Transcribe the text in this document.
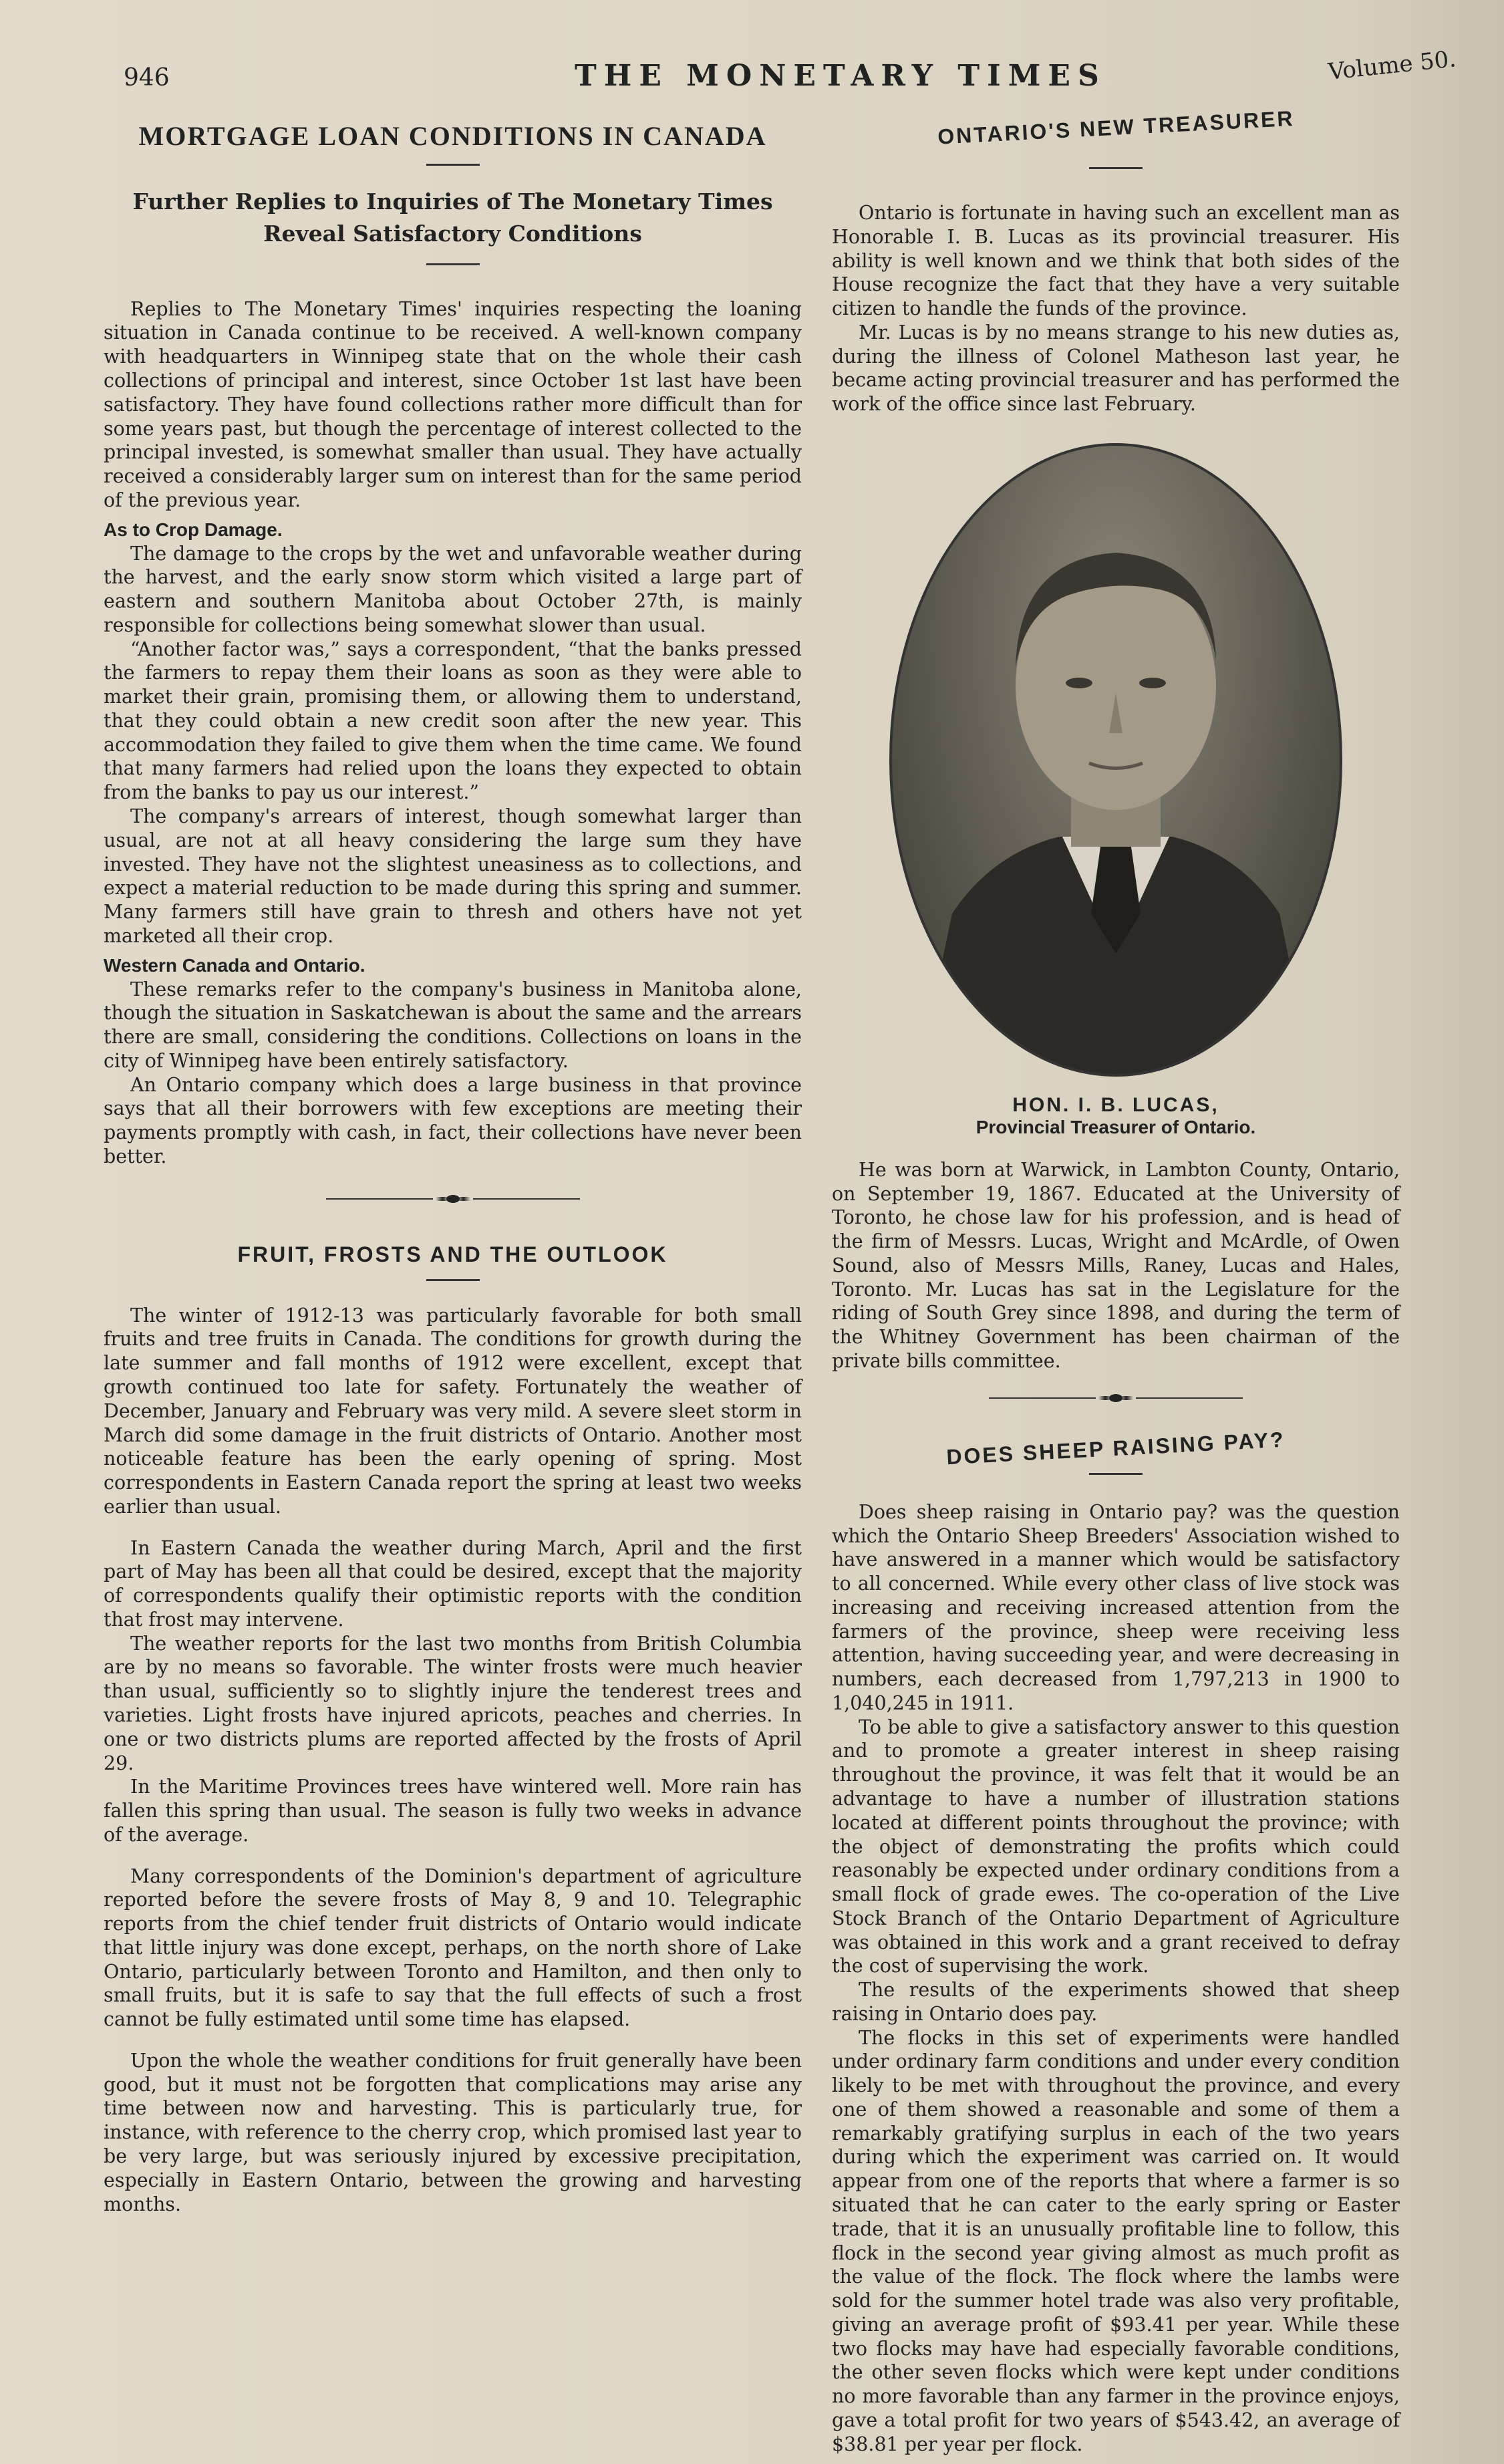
946	THE MONETARY TIMES	Volume 50.
MORTGAGE LOAN CONDITIONS IN CANADA
Further Replies to Inquiries of The Monetary Times Reveal Satisfactory Conditions

Replies to The Monetary Times' inquiries respecting the loaning situation in Canada continue to be received. A well-known company with headquarters in Winnipeg state that on the whole their cash collections of principal and interest, since October 1st last have been satisfactory. They have found collections rather more difficult than for some years past, but though the percentage of interest collected to the principal invested, is somewhat smaller than usual. They have actually received a considerably larger sum on interest than for the same period of the previous year.

As to Crop Damage.

The damage to the crops by the wet and unfavorable weather during the harvest, and the early snow storm which visited a large part of eastern and southern Manitoba about October 27th, is mainly responsible for collections being somewhat slower than usual.

“Another factor was,” says a correspondent, “that the banks pressed the farmers to repay them their loans as soon as they were able to market their grain, promising them, or allowing them to understand, that they could obtain a new credit soon after the new year. This accommodation they failed to give them when the time came. We found that many farmers had relied upon the loans they expected to obtain from the banks to pay us our interest.”

The company's arrears of interest, though somewhat larger than usual, are not at all heavy considering the large sum they have invested. They have not the slightest uneasiness as to collections, and expect a material reduction to be made during this spring and summer. Many farmers still have grain to thresh and others have not yet marketed all their crop.

Western Canada and Ontario.

These remarks refer to the company's business in Manitoba alone, though the situation in Saskatchewan is about the same and the arrears there are small, considering the conditions. Collections on loans in the city of Winnipeg have been entirely satisfactory.

An Ontario company which does a large business in that province says that all their borrowers with few exceptions are meeting their payments promptly with cash, in fact, their collections have never been better.

FRUIT, FROSTS AND THE OUTLOOK

The winter of 1912-13 was particularly favorable for both small fruits and tree fruits in Canada. The conditions for growth during the late summer and fall months of 1912 were excellent, except that growth continued too late for safety. Fortunately the weather of December, January and February was very mild. A severe sleet storm in March did some damage in the fruit districts of Ontario. Another most noticeable feature has been the early opening of spring. Most correspondents in Eastern Canada report the spring at least two weeks earlier than usual.

In Eastern Canada the weather during March, April and the first part of May has been all that could be desired, except that the majority of correspondents qualify their optimistic reports with the condition that frost may intervene.

The weather reports for the last two months from British Columbia are by no means so favorable. The winter frosts were much heavier than usual, sufficiently so to slightly injure the tenderest trees and varieties. Light frosts have injured apricots, peaches and cherries. In one or two districts plums are reported affected by the frosts of April 29.

In the Maritime Provinces trees have wintered well. More rain has fallen this spring than usual. The season is fully two weeks in advance of the average.

Many correspondents of the Dominion's department of agriculture reported before the severe frosts of May 8, 9 and 10. Telegraphic reports from the chief tender fruit districts of Ontario would indicate that little injury was done except, perhaps, on the north shore of Lake Ontario, particularly between Toronto and Hamilton, and then only to small fruits, but it is safe to say that the full effects of such a frost cannot be fully estimated until some time has elapsed.

Upon the whole the weather conditions for fruit generally have been good, but it must not be forgotten that complications may arise any time between now and harvesting. This is particularly true, for instance, with reference to the cherry crop, which promised last year to be very large, but was seriously injured by excessive precipitation, especially in Eastern Ontario, between the growing and harvesting months.

ONTARIO'S NEW TREASURER

Ontario is fortunate in having such an excellent man as Honorable I. B. Lucas as its provincial treasurer. His ability is well known and we think that both sides of the House recognize the fact that they have a very suitable citizen to handle the funds of the province.

Mr. Lucas is by no means strange to his new duties as, during the illness of Colonel Matheson last year, he became acting provincial treasurer and has performed the work of the office since last February.

HON. I. B. LUCAS,
Provincial Treasurer of Ontario.

He was born at Warwick, in Lambton County, Ontario, on September 19, 1867. Educated at the University of Toronto, he chose law for his profession, and is head of the firm of Messrs. Lucas, Wright and McArdle, of Owen Sound, also of Messrs Mills, Raney, Lucas and Hales, Toronto. Mr. Lucas has sat in the Legislature for the riding of South Grey since 1898, and during the term of the Whitney Government has been chairman of the private bills committee.

DOES SHEEP RAISING PAY?

Does sheep raising in Ontario pay? was the question which the Ontario Sheep Breeders' Association wished to have answered in a manner which would be satisfactory to all concerned. While every other class of live stock was increasing and receiving increased attention from the farmers of the province, sheep were receiving less attention, having succeeding year, and were decreasing in numbers, each decreased from 1,797,213 in 1900 to 1,040,245 in 1911.

To be able to give a satisfactory answer to this question and to promote a greater interest in sheep raising throughout the province, it was felt that it would be an advantage to have a number of illustration stations located at different points throughout the province; with the object of demonstrating the profits which could reasonably be expected under ordinary conditions from a small flock of grade ewes. The co-operation of the Live Stock Branch of the Ontario Department of Agriculture was obtained in this work and a grant received to defray the cost of supervising the work.

The results of the experiments showed that sheep raising in Ontario does pay.

The flocks in this set of experiments were handled under ordinary farm conditions and under every condition likely to be met with throughout the province, and every one of them showed a reasonable and some of them a remarkably gratifying surplus in each of the two years during which the experiment was carried on. It would appear from one of the reports that where a farmer is so situated that he can cater to the early spring or Easter trade, that it is an unusually profitable line to follow, this flock in the second year giving almost as much profit as the value of the flock. The flock where the lambs were sold for the summer hotel trade was also very profitable, giving an average profit of $93.41 per year. While these two flocks may have had especially favorable conditions, the other seven flocks which were kept under conditions no more favorable than any farmer in the province enjoys, gave a total profit for two years of $543.42, an average of $38.81 per year per flock.
